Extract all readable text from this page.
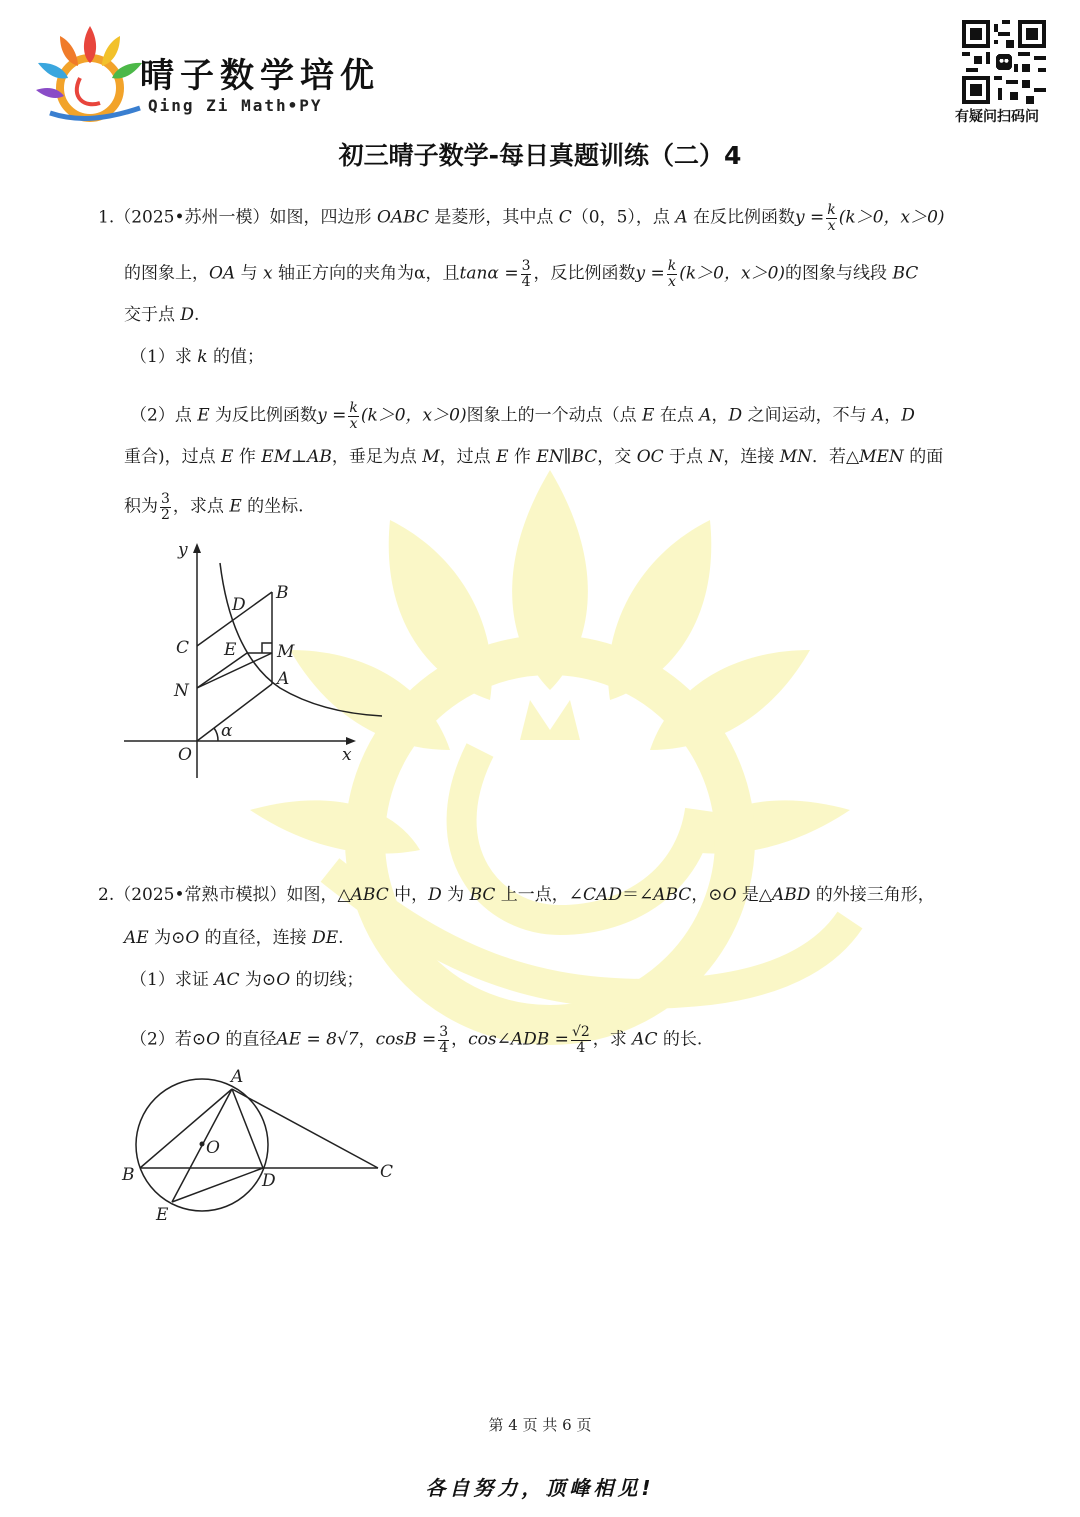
晴子数学培优
Qing Zi Math•PY
有疑问扫码问
初三晴子数学-每日真题训练（二）4
1.（2025•苏州一模）如图，四边形 OABC 是菱形，其中点 C（0，5），点 A 在反比例函数$y = \frac{k}{x} (k>0$，x＞0)
的图象上，OA 与 x 轴正方向的夹角为α，且$\tan\alpha = \frac{3}{4}$ ，反比例函数$y = \frac{k}{x} (k>0$，x＞0)的图象与线段 BC
交于点 D.
（1）求 k 的值；
（2）点 E 为反比例函数$y = \frac{k}{x} (k>0$，x＞0)图象上的一个动点（点 E 在点 A，D 之间运动，不与 A，D
重合)，过点 E 作 EM⊥AB，垂足为点 M，过点 E 作 EN∥BC，交 OC 于点 N，连接 MN．若△MEN 的面
积为 $\frac{3}{2}$ ，求点 E 的坐标.
y
B
D
C E M
N
A
O
α
x
2.（2025•常熟市模拟）如图，△ABC 中，D 为 BC 上一点，∠CAD＝∠ABC，⊙O 是△ABD 的外接三角形，
AE 为⊙O 的直径，连接 DE.
（1）求证 AC 为⊙O 的切线；
（2）若⊙O 的直径AE = 8√7，$\cos B = \frac{3}{4}$ ，cos∠ADB = $\frac{√2}{4}$ ，求 AC 的长.
A
O
B	D	C
E
第 4 页 共 6 页
各自努力，顶峰相见!
